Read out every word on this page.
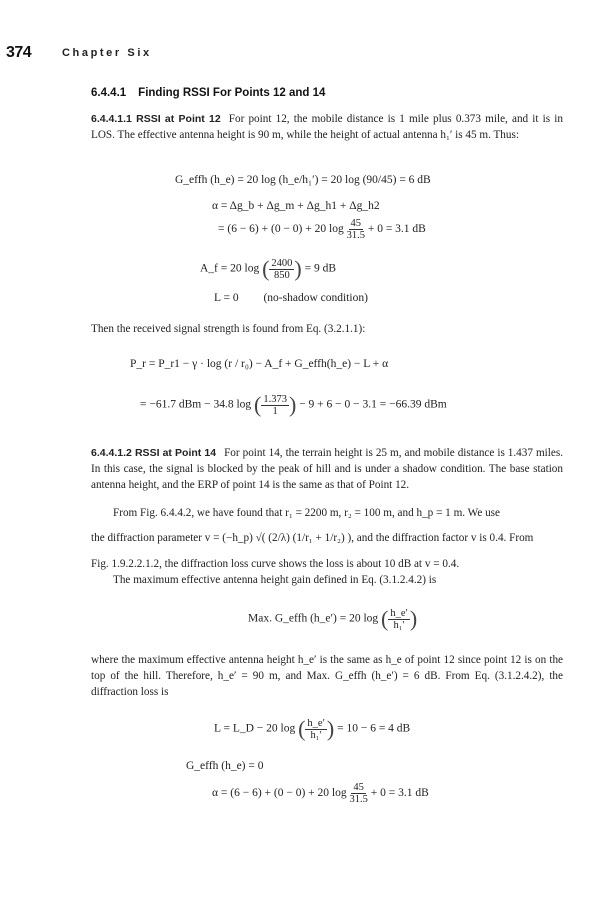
374	Chapter Six
6.4.4.1 Finding RSSI For Points 12 and 14
6.4.4.1.1 RSSI at Point 12 For point 12, the mobile distance is 1 mile plus 0.373 mile, and it is in LOS. The effective antenna height is 90 m, while the height of actual antenna h₁′ is 45 m. Thus:
G_effh (h_e) = 20 log (h_e/h₁′) = 20 log (90/45) = 6 dB
α = Δg_b + Δg_m + Δg_h1 + Δg_h2
= (6 − 6) + (0 − 0) + 20 $\log \frac{45}{31.5} + 0 = 3.1$ dB
A_f = 20 log ( $\frac{2400}{850}$ ) = 9 dB
L = 0 (no-shadow condition)
Then the received signal strength is found from Eq. (3.2.1.1):
P_r = P_r1 − γ · log (r / r₀) − A_f + G_effh(h_e) − L + α
= −61.7 dBm − 34.8 log ( $\frac{1.373}{1}$ ) − 9 + 6 − 0 − 3.1 = −66.39 dBm
6.4.4.1.2 RSSI at Point 14 For point 14, the terrain height is 25 m, and mobile distance is 1.437 miles. In this case, the signal is blocked by the peak of hill and is under a shadow condition. The base station antenna height, and the ERP of point 14 is the same as that of Point 12.
From Fig. 6.4.4.2, we have found that r₁ = 2200 m, r₂ = 100 m, and h_p = 1 m. We use
the diffraction parameter v = (−h_p) √( (2/λ) (1/r₁ + 1/r₂) ), and the diffraction factor v is 0.4. From
Fig. 1.9.2.2.1.2, the diffraction loss curve shows the loss is about 10 dB at v = 0.4.
The maximum effective antenna height gain defined in Eq. (3.1.2.4.2) is
Max. G_effh (h_e′) = 20 log ( $\frac{h\_e'}{\text{h₁′}}$ )
where the maximum effective antenna height h_e′ is the same as h_e of point 12 since point 12 is on the top of the hill. Therefore, h_e′ = 90 m, and Max. G_effh (h_e′) = 6 dB. From Eq. (3.1.2.4.2), the diffraction loss is
L = L_D − 20 log ( $\frac{h\_e'}{\text{h₁′}}$ ) = 10 − 6 = 4 dB
G_effh (h_e) = 0
α = (6 − 6) + (0 − 0) + 20 $\log \frac{45}{31.5} + 0 = 3.1$ dB
